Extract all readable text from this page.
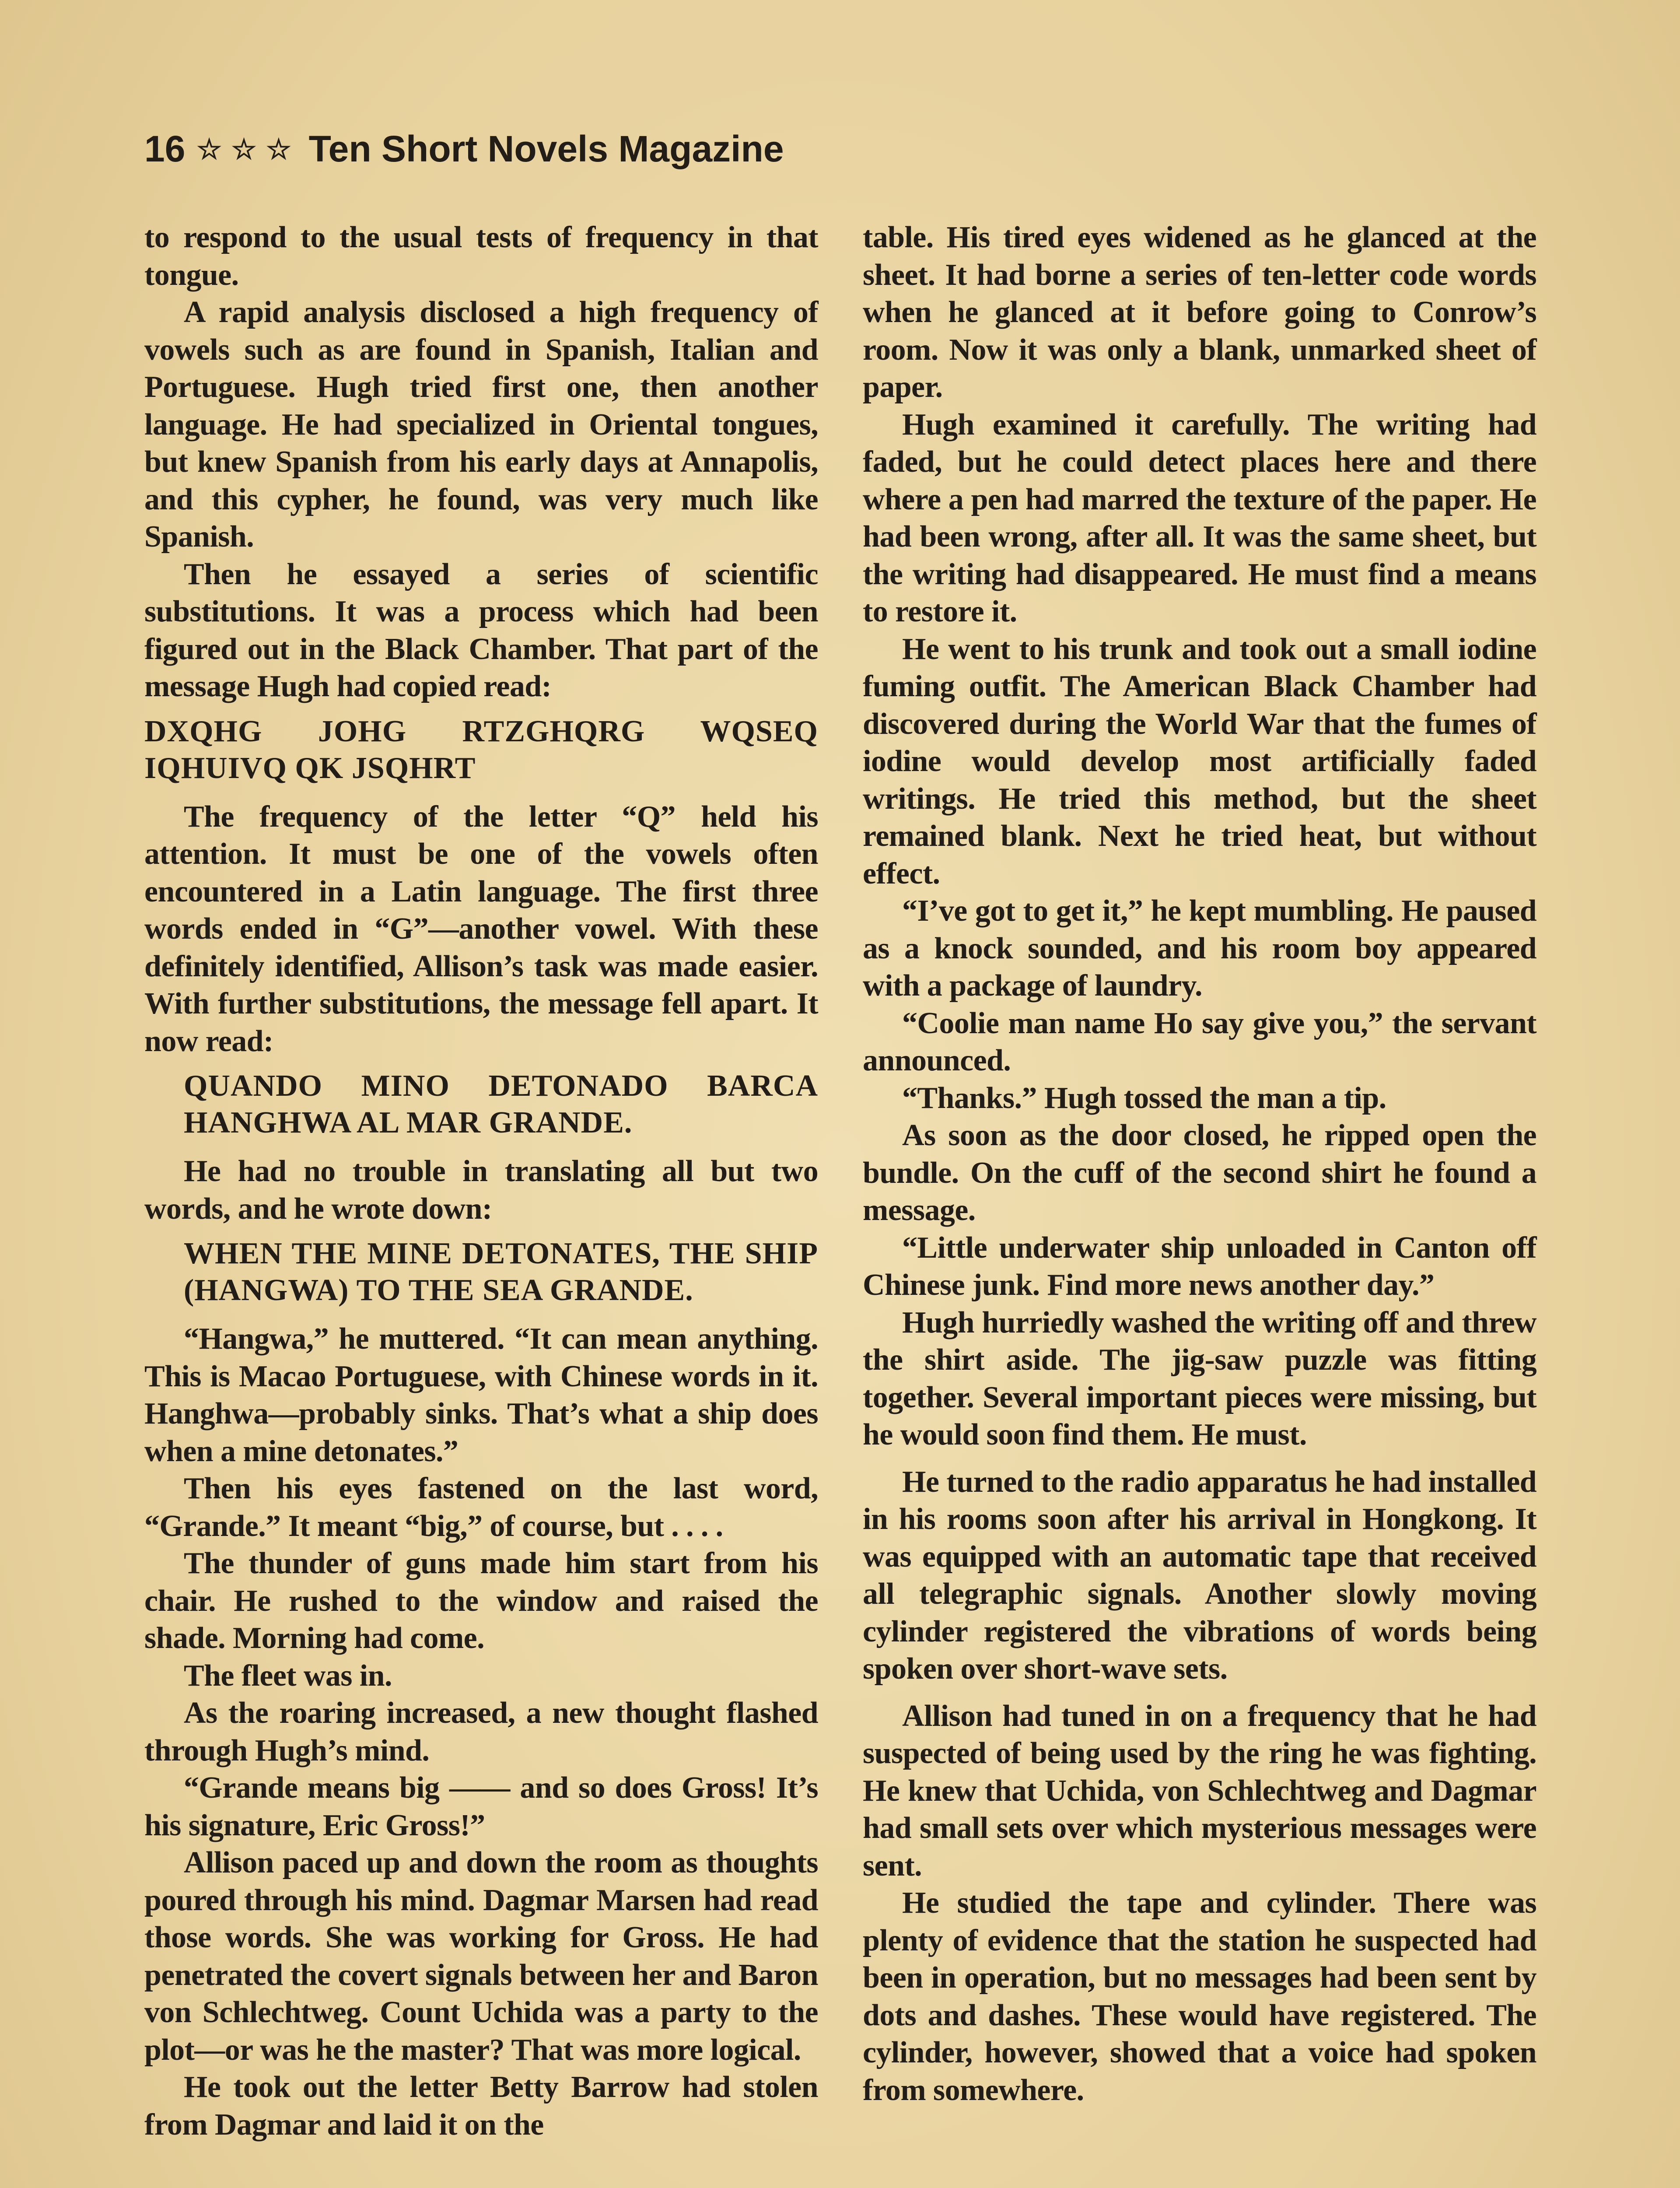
16 ☆☆☆ Ten Short Novels Magazine

to respond to the usual tests of frequency in that tongue.

A rapid analysis disclosed a high frequency of vowels such as are found in Spanish, Italian and Portuguese. Hugh tried first one, then another language. He had specialized in Oriental tongues, but knew Spanish from his early days at Annapolis, and this cypher, he found, was very much like Spanish.

Then he essayed a series of scientific substitutions. It was a process which had been figured out in the Black Chamber. That part of the message Hugh had copied read:

DXQHG JOHG RTZGHQRG WQSEQ IQHUIVQ QK JSQHRT

The frequency of the letter “Q” held his attention. It must be one of the vowels often encountered in a Latin language. The first three words ended in “G”—another vowel. With these definitely identified, Allison’s task was made easier. With further substitutions, the message fell apart. It now read:

QUANDO MINO DETONADO BARCA HANGHWA AL MAR GRANDE.

He had no trouble in translating all but two words, and he wrote down:

WHEN THE MINE DETONATES, THE SHIP (HANGWA) TO THE SEA GRANDE.

“Hangwa,” he muttered. “It can mean anything. This is Macao Portuguese, with Chinese words in it. Hanghwa—probably sinks. That’s what a ship does when a mine detonates.”

Then his eyes fastened on the last word, “Grande.” It meant “big,” of course, but . . . .

The thunder of guns made him start from his chair. He rushed to the window and raised the shade. Morning had come.

The fleet was in.

As the roaring increased, a new thought flashed through Hugh’s mind.

“Grande means big —— and so does Gross! It’s his signature, Eric Gross!”

Allison paced up and down the room as thoughts poured through his mind. Dagmar Marsen had read those words. She was working for Gross. He had penetrated the covert signals between her and Baron von Schlechtweg. Count Uchida was a party to the plot—or was he the master? That was more logical.

He took out the letter Betty Barrow had stolen from Dagmar and laid it on the

table. His tired eyes widened as he glanced at the sheet. It had borne a series of ten-letter code words when he glanced at it before going to Conrow’s room. Now it was only a blank, unmarked sheet of paper.

Hugh examined it carefully. The writing had faded, but he could detect places here and there where a pen had marred the texture of the paper. He had been wrong, after all. It was the same sheet, but the writing had disappeared. He must find a means to restore it.

He went to his trunk and took out a small iodine fuming outfit. The American Black Chamber had discovered during the World War that the fumes of iodine would develop most artificially faded writings. He tried this method, but the sheet remained blank. Next he tried heat, but without effect.

“I’ve got to get it,” he kept mumbling. He paused as a knock sounded, and his room boy appeared with a package of laundry.

“Coolie man name Ho say give you,” the servant announced.

“Thanks.” Hugh tossed the man a tip.

As soon as the door closed, he ripped open the bundle. On the cuff of the second shirt he found a message.

“Little underwater ship unloaded in Canton off Chinese junk. Find more news another day.”

Hugh hurriedly washed the writing off and threw the shirt aside. The jig-saw puzzle was fitting together. Several important pieces were missing, but he would soon find them. He must.

He turned to the radio apparatus he had installed in his rooms soon after his arrival in Hongkong. It was equipped with an automatic tape that received all telegraphic signals. Another slowly moving cylinder registered the vibrations of words being spoken over short-wave sets.

Allison had tuned in on a frequency that he had suspected of being used by the ring he was fighting. He knew that Uchida, von Schlechtweg and Dagmar had small sets over which mysterious messages were sent.

He studied the tape and cylinder. There was plenty of evidence that the station he suspected had been in operation, but no messages had been sent by dots and dashes. These would have registered. The cylinder, however, showed that a voice had spoken from somewhere.
